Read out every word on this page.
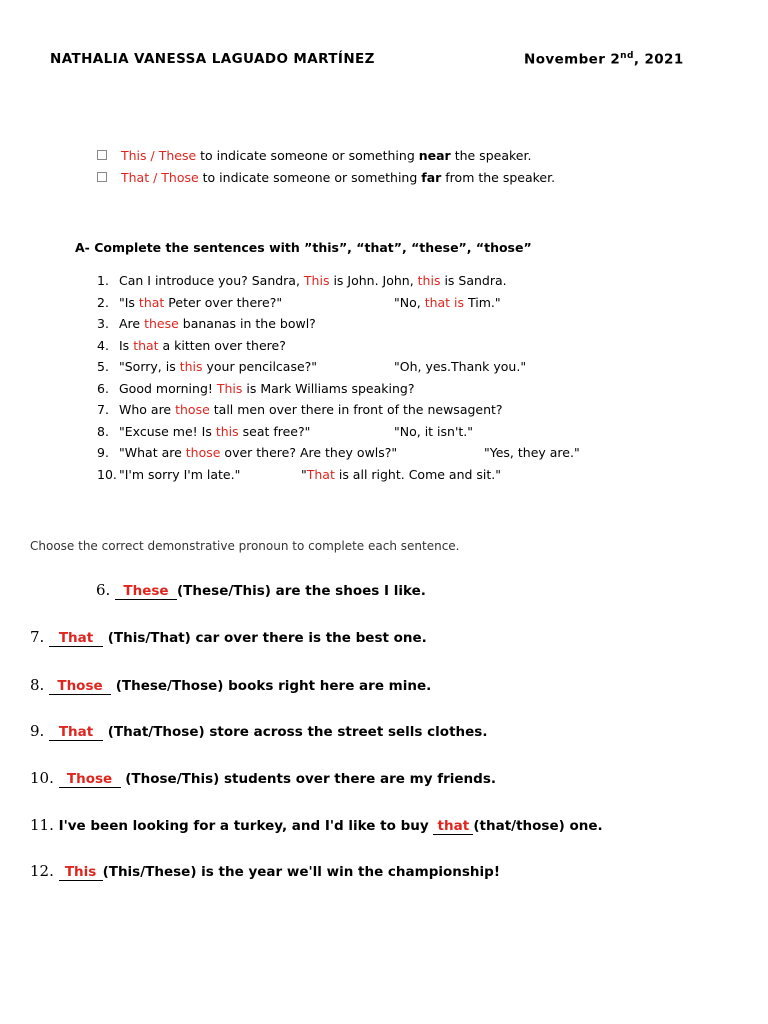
NATHALIA VANESSA LAGUADO MARTÍNEZ	November 2nd, 2021
This / These to indicate someone or something near the speaker.
That / Those to indicate someone or something far from the speaker.
A- Complete the sentences with ”this”, “that”, “these”, “those”
1. Can I introduce you? Sandra, This is John. John, this is Sandra.
2. "Is that Peter over there?"	"No, that is Tim."
3. Are these bananas in the bowl?
4. Is that a kitten over there?
5. "Sorry, is this your pencilcase?"	"Oh, yes.Thank you."
6. Good morning! This is Mark Williams speaking?
7. Who are those tall men over there in front of the newsagent?
8. "Excuse me! Is this seat free?"	"No, it isn't."
9. "What are those over there? Are they owls?"	"Yes, they are."
10. "I'm sorry I'm late."	"That is all right. Come and sit."
Choose the correct demonstrative pronoun to complete each sentence.
6. These (These/This) are the shoes I like.
7. That (This/That) car over there is the best one.
8. Those (These/Those) books right here are mine.
9. That (That/Those) store across the street sells clothes.
10. Those (Those/This) students over there are my friends.
11. I've been looking for a turkey, and I'd like to buy that (that/those) one.
12. This (This/These) is the year we'll win the championship!
